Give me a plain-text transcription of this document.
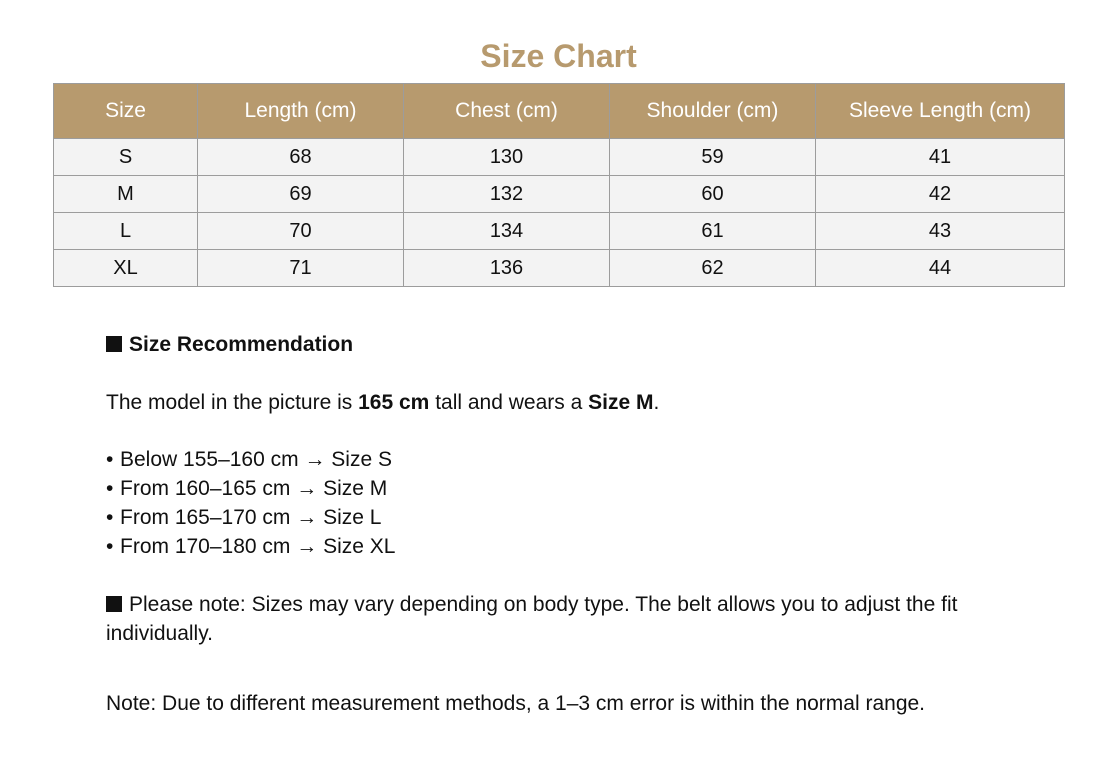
Size Chart
Size	Length (cm)	Chest (cm)	Shoulder (cm)	Sleeve Length (cm)
S	68	130	59	41
M	69	132	60	42
L	70	134	61	43
XL	71	136	62	44

Size Recommendation

The model in the picture is 165 cm tall and wears a Size M.

• Below 155–160 cm → Size S
• From 160–165 cm → Size M
• From 165–170 cm → Size L
• From 170–180 cm → Size XL

Please note: Sizes may vary depending on body type. The belt allows you to adjust the fit individually.

Note: Due to different measurement methods, a 1–3 cm error is within the normal range.
